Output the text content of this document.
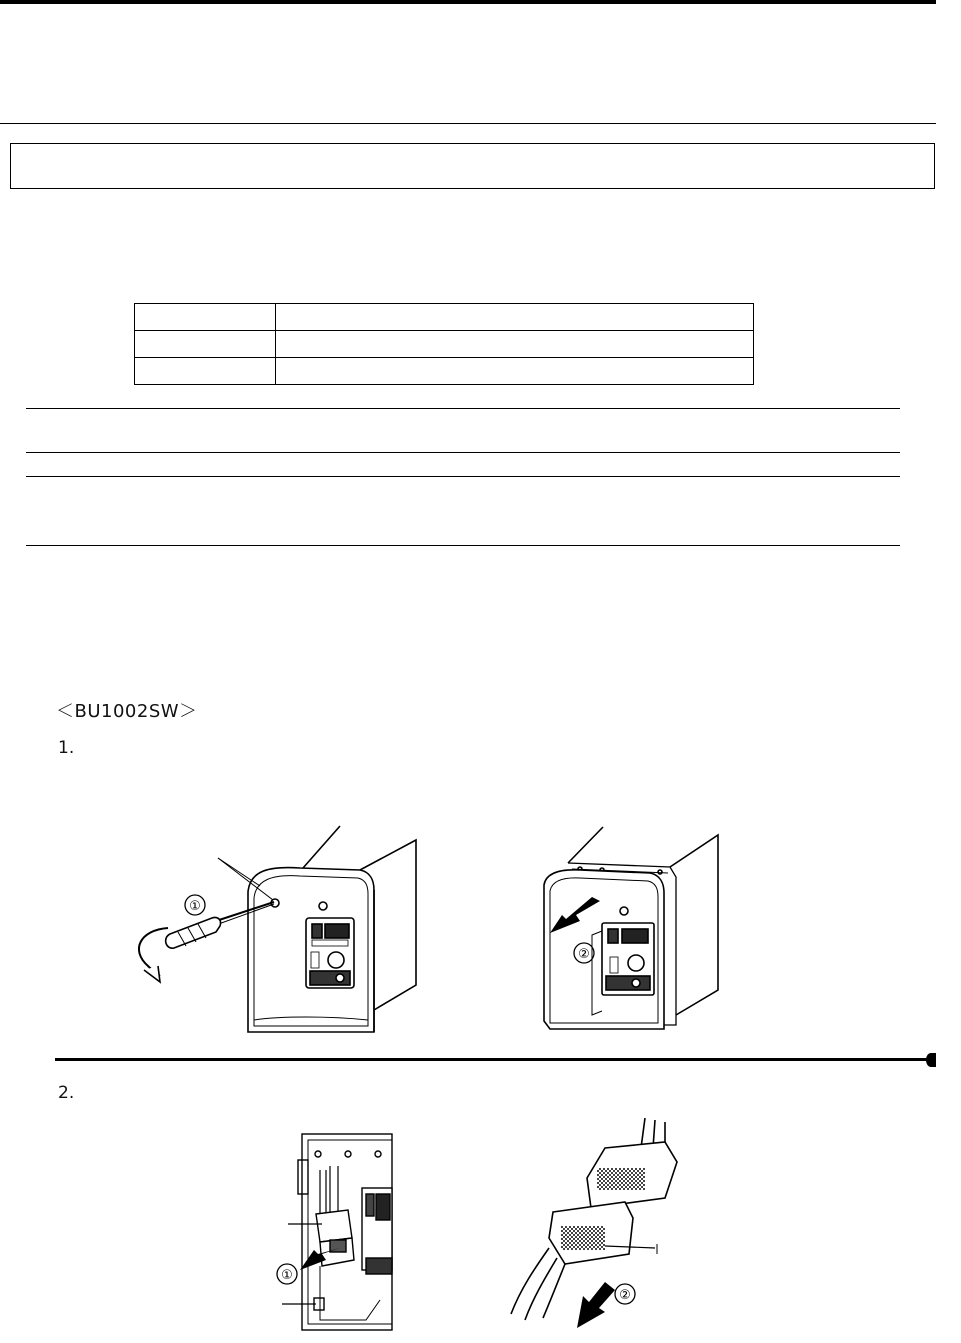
＜BU1002SW＞
1.
①
②
2.
①
②
